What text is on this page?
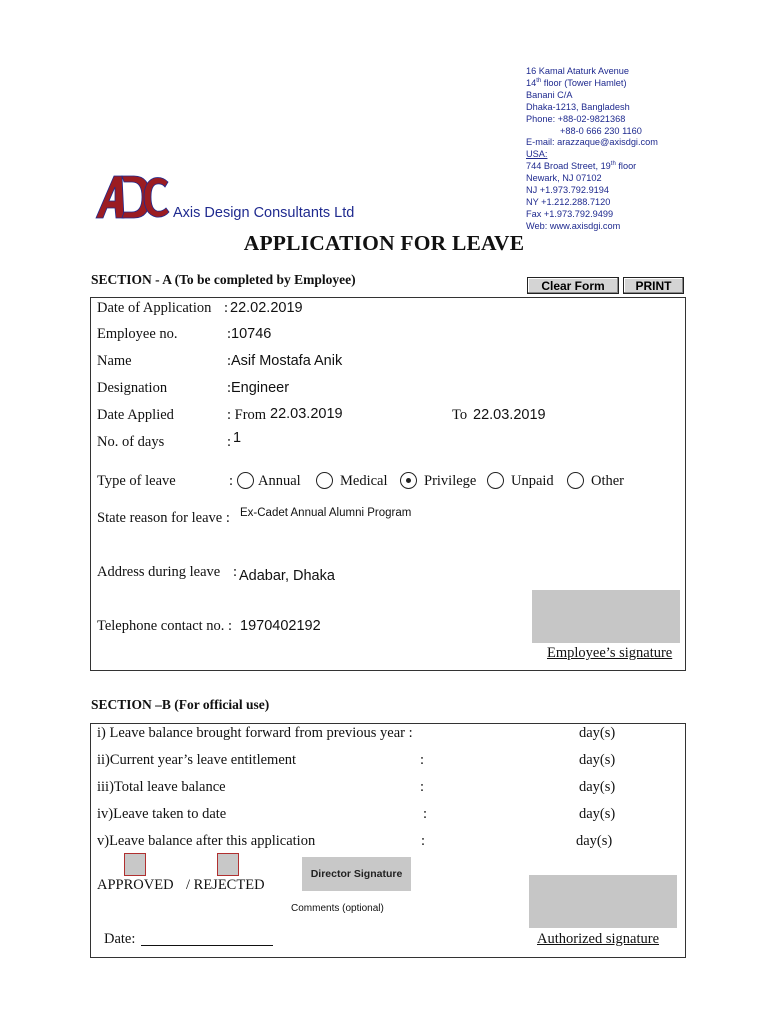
16 Kamal Ataturk Avenue
14th floor (Tower Hamlet)
Banani C/A
Dhaka-1213, Bangladesh
Phone: +88-02-9821368
+88-0 666 230 1160
E-mail: arazzaque@axisdgi.com
USA:
744 Broad Street, 19th floor
Newark, NJ 07102
NJ +1.973.792.9194
NY +1.212.288.7120
Fax +1.973.792.9499
Web: www.axisdgi.com
Axis Design Consultants Ltd
APPLICATION FOR LEAVE
SECTION - A (To be completed by Employee)	Clear Form	PRINT
Date of Application : 22.02.2019
Employee no.	: 10746
Name	: Asif Mostafa Anik
Designation	: Engineer
Date Applied	: From 22.03.2019	To 22.03.2019
No. of days	: 1
Type of leave	: Annual	Medical	Privilege Unpaid	Other
State reason for leave : Ex-Cadet Annual Alumni Program
Address during leave : Adabar, Dhaka
Telephone contact no. : 1970402192
Employee’s signature
SECTION –B (For official use)
i) Leave balance brought forward from previous year :	day(s)
ii)Current year’s leave entitlement	:	day(s)
iii)Total leave balance	:	day(s)
iv)Leave taken to date	:	day(s)
v)Leave balance after this application	:	day(s)
APPROVED / REJECTED
Director Signature
Comments (optional)
Authorized signature
Date:
